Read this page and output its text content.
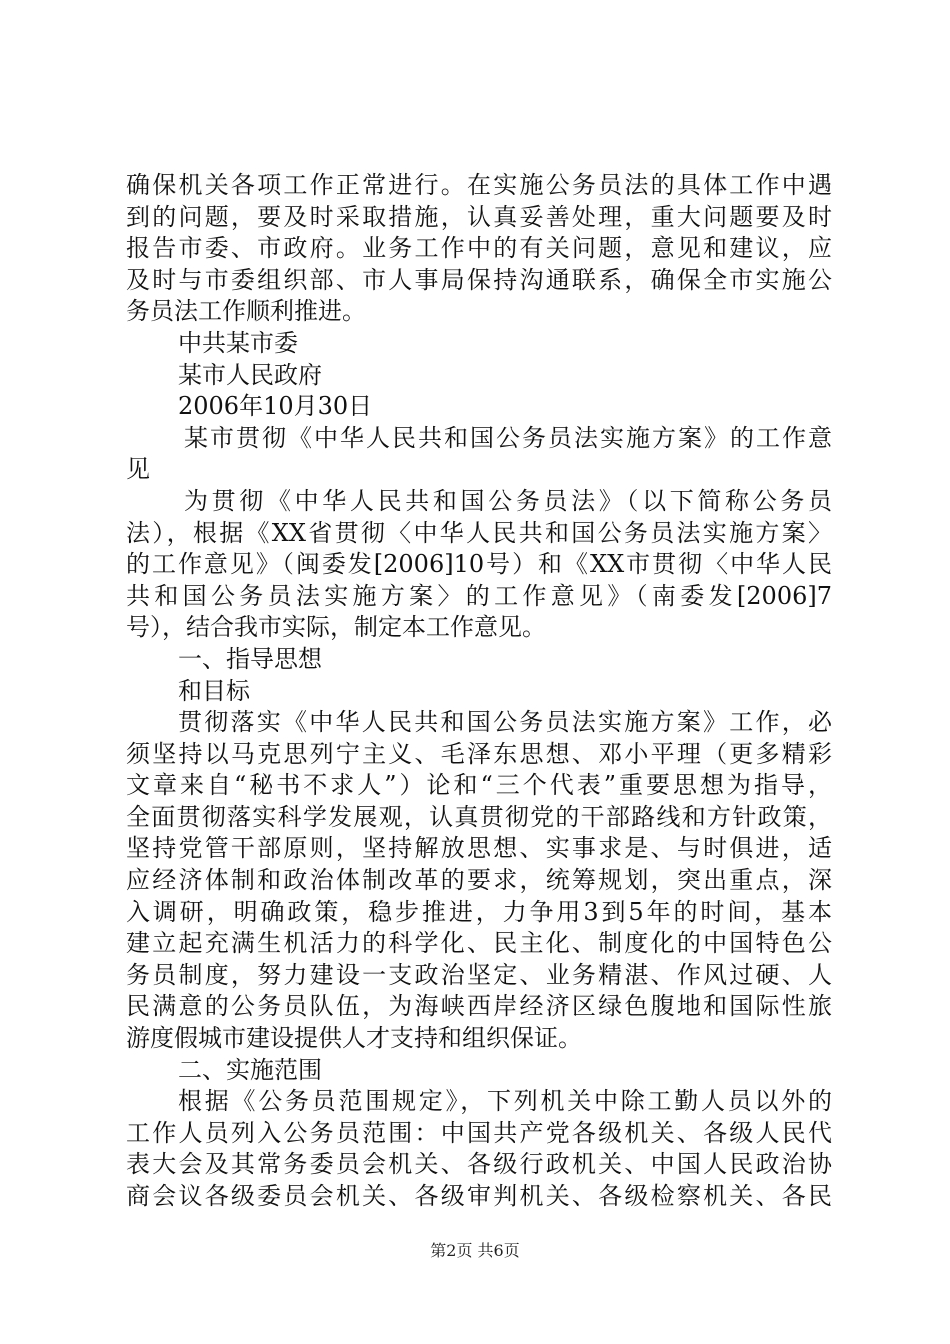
确保机关各项工作正常进行。在实施公务员法的具体工作中遇
到的问题，要及时采取措施，认真妥善处理，重大问题要及时
报告市委、市政府。业务工作中的有关问题，意见和建议，应
及时与市委组织部、市人事局保持沟通联系，确保全市实施公
务员法工作顺利推进。
中共某市委
某市人民政府
2006年10月30日
某市贯彻《中华人民共和国公务员法实施方案》的工作意
见
为贯彻《中华人民共和国公务员法》（以下简称公务员
法），根据《XX省贯彻〈中华人民共和国公务员法实施方案〉
的工作意见》（闽委发[2006]10号）和《XX市贯彻〈中华人民
共和国公务员法实施方案〉的工作意见》（南委发[2006]7
号），结合我市实际，制定本工作意见。
一、指导思想
和目标
贯彻落实《中华人民共和国公务员法实施方案》工作，必
须坚持以马克思列宁主义、毛泽东思想、邓小平理（更多精彩
文章来自“秘书不求人”）论和“三个代表”重要思想为指导，
全面贯彻落实科学发展观，认真贯彻党的干部路线和方针政策，
坚持党管干部原则，坚持解放思想、实事求是、与时俱进，适
应经济体制和政治体制改革的要求，统筹规划，突出重点，深
入调研，明确政策，稳步推进，力争用3到5年的时间，基本
建立起充满生机活力的科学化、民主化、制度化的中国特色公
务员制度，努力建设一支政治坚定、业务精湛、作风过硬、人
民满意的公务员队伍，为海峡西岸经济区绿色腹地和国际性旅
游度假城市建设提供人才支持和组织保证。
二、实施范围
根据《公务员范围规定》，下列机关中除工勤人员以外的
工作人员列入公务员范围：中国共产党各级机关、各级人民代
表大会及其常务委员会机关、各级行政机关、中国人民政治协
商会议各级委员会机关、各级审判机关、各级检察机关、各民
第2页 共6页
